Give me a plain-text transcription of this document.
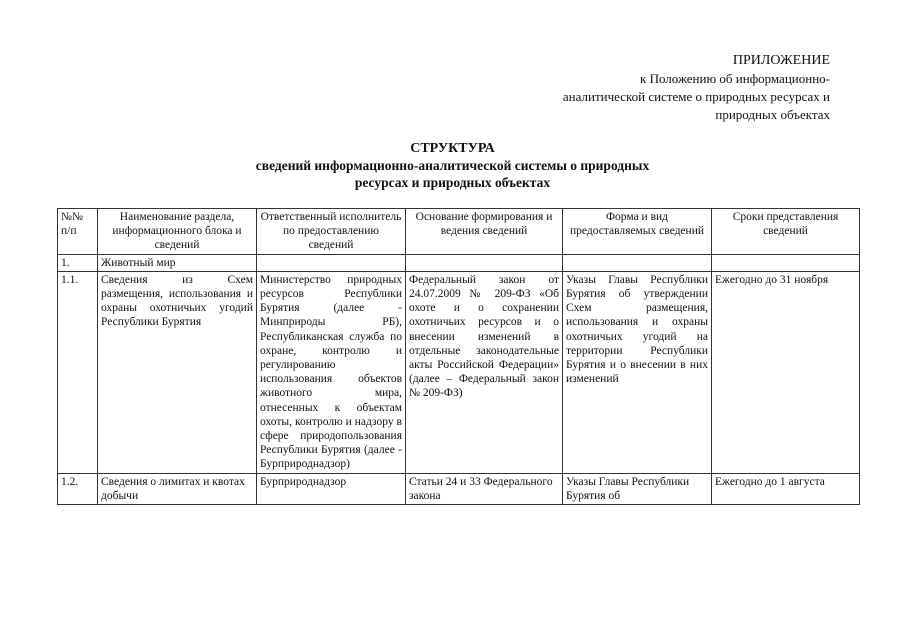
ПРИЛОЖЕНИЕ
к Положению об информационно-
аналитической системе о природных ресурсах и
природных объектах
СТРУКТУРА
сведений информационно-аналитической системы о природных
ресурсах и природных объектах
№№ п/п	Наименование раздела, информационного блока и сведений	Ответственный исполнитель по предоставлению сведений	Основание формирования и ведения сведений	Форма и вид предоставляемых сведений	Сроки представления сведений
1.	Животный мир				
1.1.	Сведения из Схем размещения, использования и охраны охотничьих угодий Республики Бурятия	Министерство природных ресурсов Республики Бурятия (далее - Минприроды РБ), Республиканская служба по охране, контролю и регулированию использования объектов животного мира, отнесенных к объектам охоты, контролю и надзору в сфере природопользования Республики Бурятия (далее - Бурприроднадзор)	Федеральный закон от 24.07.2009 № 209-ФЗ «Об охоте и о сохранении охотничьих ресурсов и о внесении изменений в отдельные законодательные акты Российской Федерации» (далее – Федеральный закон № 209-ФЗ)	Указы Главы Республики Бурятия об утверждении Схем размещения, использования и охраны охотничьих угодий на территории Республики Бурятия и о внесении в них изменений	Ежегодно до 31 ноября
1.2.	Сведения о лимитах и квотах добычи	Бурприроднадзор	Статьи 24 и 33 Федерального закона	Указы Главы Республики Бурятия об	Ежегодно до 1 августа
